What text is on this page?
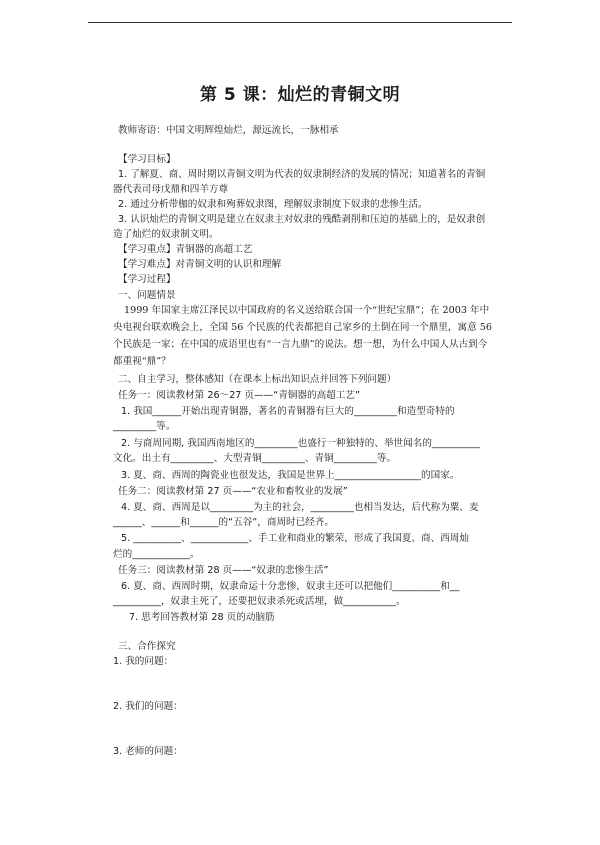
第 5 课：灿烂的青铜文明
教师寄语：中国文明辉煌灿烂，源远流长，一脉相承
【学习目标】
1. 了解夏、商、周时期以青铜文明为代表的奴隶制经济的发展的情况；知道著名的青铜
器代表司母戊鼎和四羊方尊
2. 通过分析带枷的奴隶和殉葬奴隶图，理解奴隶制度下奴隶的悲惨生活。
3. 认识灿烂的青铜文明是建立在奴隶主对奴隶的残酷剥削和压迫的基础上的，是奴隶创
造了灿烂的奴隶制文明。
【学习重点】青铜器的高超工艺
【学习难点】对青铜文明的认识和理解
【学习过程】
一、问题情景
1999 年国家主席江泽民以中国政府的名义送给联合国一个“世纪宝鼎”；在 2003 年中
央电视台联欢晚会上，全国 56 个民族的代表都把自己家乡的土倒在同一个鼎里，寓意 56
个民族是一家；在中国的成语里也有“一言九鼎”的说法。想一想，为什么中国人从古到今
都重视“鼎”？
二、自主学习，整体感知（在课本上标出知识点并回答下列问题）
任务一：阅读教材第 26～27 页——“青铜器的高超工艺”
1. 我国______开始出现青铜器，著名的青铜器有巨大的_________和造型奇特的
_________等。
2. 与商周同期, 我国西南地区的_________也盛行一种独特的、举世闻名的__________
文化。出土有_________、大型青铜_________、青铜_________等。
3. 夏、商、西周的陶瓷业也很发达，我国是世界上__________________的国家。
任务二：阅读教材第 27 页——“农业和畜牧业的发展”
4. 夏、商、西周是以_________为主的社会，_________也相当发达，后代称为粟、麦
______、______和______的“五谷”，商周时已经齐。
5. __________、____________、手工业和商业的繁荣，形成了我国夏、商、西周灿
烂的____________。
任务三：阅读教材第 28 页——“奴隶的悲惨生活”
6. 夏、商、西周时期，奴隶命运十分悲惨，奴隶主还可以把他们__________和__
__________，奴隶主死了，还要把奴隶杀死或活埋，做___________。
7. 思考回答教材第 28 页的动脑筋
三、合作探究
1. 我的问题：
2. 我们的问题：
3. 老师的问题：
